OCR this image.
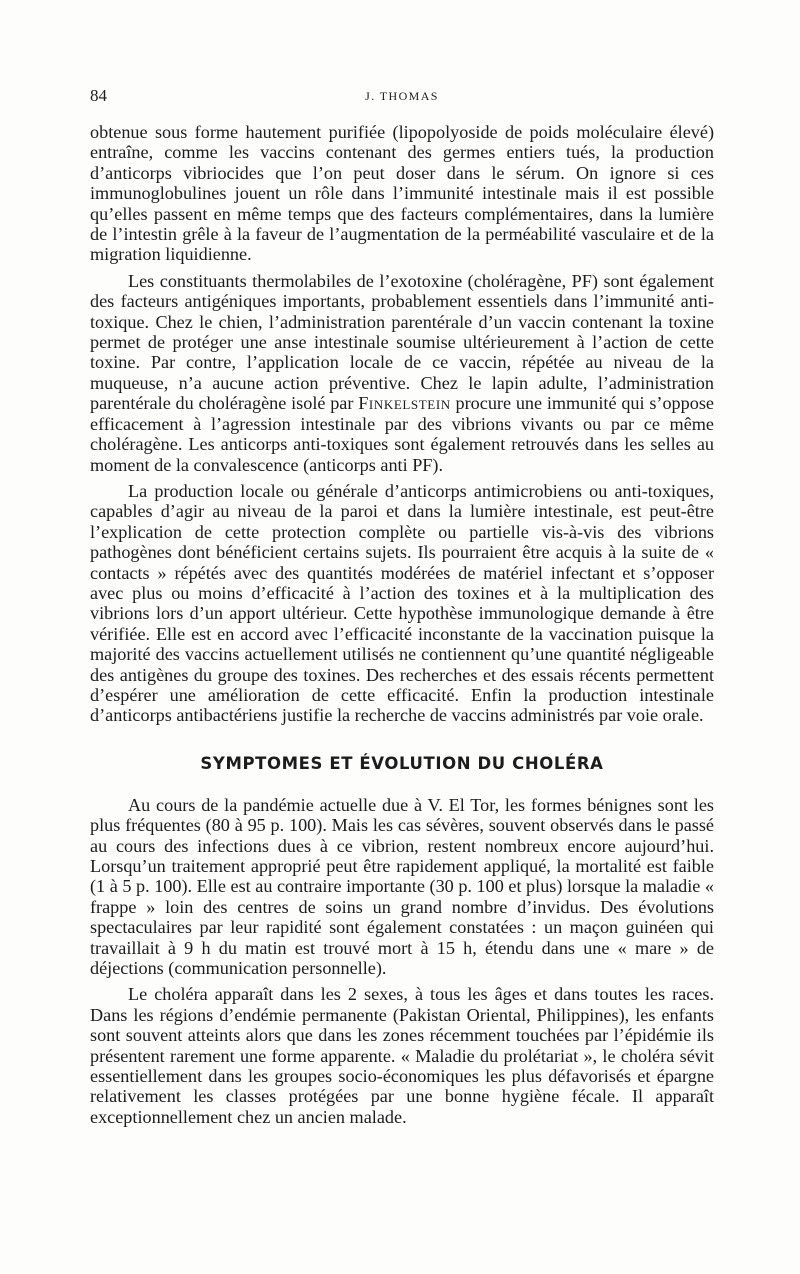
84	J. THOMAS

obtenue sous forme hautement purifiée (lipopolyoside de poids moléculaire élevé) entraîne, comme les vaccins contenant des germes entiers tués, la production d’anticorps vibriocides que l’on peut doser dans le sérum. On ignore si ces immunoglobulines jouent un rôle dans l’immunité intestinale mais il est possible qu’elles passent en même temps que des facteurs complémentaires, dans la lumière de l’intestin grêle à la faveur de l’augmentation de la perméabilité vasculaire et de la migration liquidienne.

Les constituants thermolabiles de l’exotoxine (choléragène, PF) sont également des facteurs antigéniques importants, probablement essentiels dans l’immunité anti-toxique. Chez le chien, l’administration parentérale d’un vaccin contenant la toxine permet de protéger une anse intestinale soumise ultérieurement à l’action de cette toxine. Par contre, l’application locale de ce vaccin, répétée au niveau de la muqueuse, n’a aucune action préventive. Chez le lapin adulte, l’administration parentérale du choléragène isolé par Finkelstein procure une immunité qui s’oppose efficacement à l’agression intestinale par des vibrions vivants ou par ce même choléragène. Les anticorps anti-toxiques sont également retrouvés dans les selles au moment de la convalescence (anticorps anti PF).

La production locale ou générale d’anticorps antimicrobiens ou anti-toxiques, capables d’agir au niveau de la paroi et dans la lumière intestinale, est peut-être l’explication de cette protection complète ou partielle vis-à-vis des vibrions pathogènes dont bénéficient certains sujets. Ils pourraient être acquis à la suite de « contacts » répétés avec des quantités modérées de matériel infectant et s’opposer avec plus ou moins d’efficacité à l’action des toxines et à la multiplication des vibrions lors d’un apport ultérieur. Cette hypothèse immunologique demande à être vérifiée. Elle est en accord avec l’efficacité inconstante de la vaccination puisque la majorité des vaccins actuellement utilisés ne contiennent qu’une quantité négligeable des antigènes du groupe des toxines. Des recherches et des essais récents permettent d’espérer une amélioration de cette efficacité. Enfin la production intestinale d’anticorps antibactériens justifie la recherche de vaccins administrés par voie orale.

SYMPTOMES ET ÉVOLUTION DU CHOLÉRA

Au cours de la pandémie actuelle due à V. El Tor, les formes bénignes sont les plus fréquentes (80 à 95 p. 100). Mais les cas sévères, souvent observés dans le passé au cours des infections dues à ce vibrion, restent nombreux encore aujourd’hui. Lorsqu’un traitement approprié peut être rapidement appliqué, la mortalité est faible (1 à 5 p. 100). Elle est au contraire importante (30 p. 100 et plus) lorsque la maladie « frappe » loin des centres de soins un grand nombre d’invidus. Des évolutions spectaculaires par leur rapidité sont également constatées : un maçon guinéen qui travaillait à 9 h du matin est trouvé mort à 15 h, étendu dans une « mare » de déjections (communication personnelle).

Le choléra apparaît dans les 2 sexes, à tous les âges et dans toutes les races. Dans les régions d’endémie permanente (Pakistan Oriental, Philippines), les enfants sont souvent atteints alors que dans les zones récemment touchées par l’épidémie ils présentent rarement une forme apparente. « Maladie du prolétariat », le choléra sévit essentiellement dans les groupes socio-économiques les plus défavorisés et épargne relativement les classes protégées par une bonne hygiène fécale. Il apparaît exceptionnellement chez un ancien malade.
